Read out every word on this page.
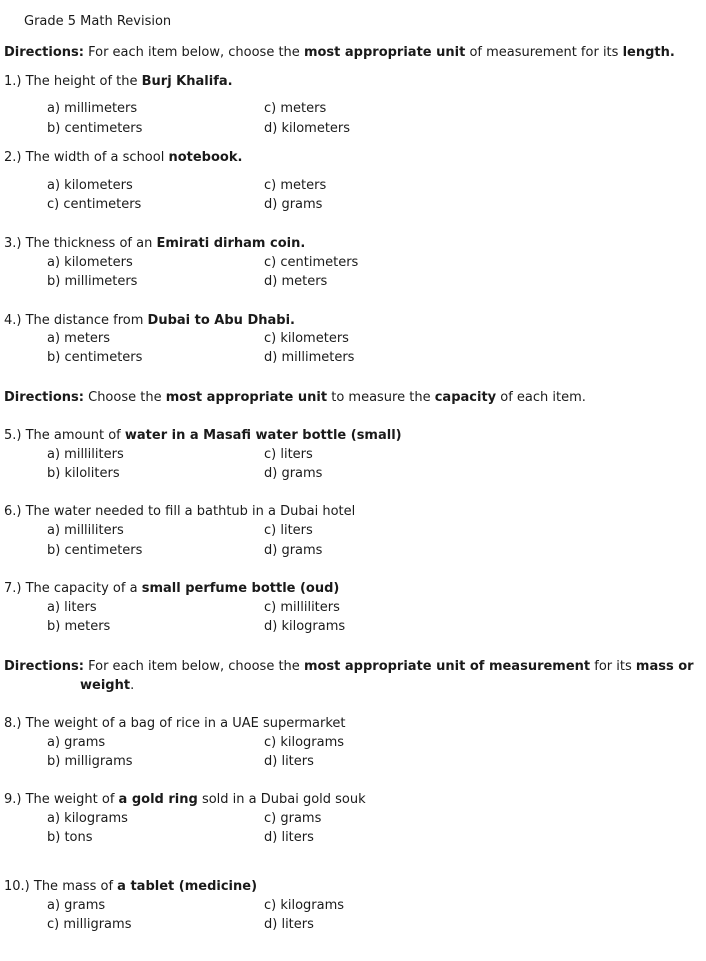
Grade 5 Math Revision
Directions: For each item below, choose the most appropriate unit of measurement for its length.
1.) The height of the Burj Khalifa.
a) millimeters	c) meters
b) centimeters	d) kilometers
2.) The width of a school notebook.
a) kilometers	c) meters
c) centimeters	d) grams
3.) The thickness of an Emirati dirham coin.
a) kilometers	c) centimeters
b) millimeters	d) meters
4.) The distance from Dubai to Abu Dhabi.
a) meters	c) kilometers
b) centimeters	d) millimeters
Directions: Choose the most appropriate unit to measure the capacity of each item.
5.) The amount of water in a Masafi water bottle (small)
a) milliliters	c) liters
b) kiloliters	d) grams
6.) The water needed to fill a bathtub in a Dubai hotel
a) milliliters	c) liters
b) centimeters	d) grams
7.) The capacity of a small perfume bottle (oud)
a) liters	c) milliliters
b) meters	d) kilograms
Directions: For each item below, choose the most appropriate unit of measurement for its mass or
weight.
8.) The weight of a bag of rice in a UAE supermarket
a) grams	c) kilograms
b) milligrams	d) liters
9.) The weight of a gold ring sold in a Dubai gold souk
a) kilograms	c) grams
b) tons	d) liters
10.) The mass of a tablet (medicine)
a) grams	c) kilograms
c) milligrams	d) liters
